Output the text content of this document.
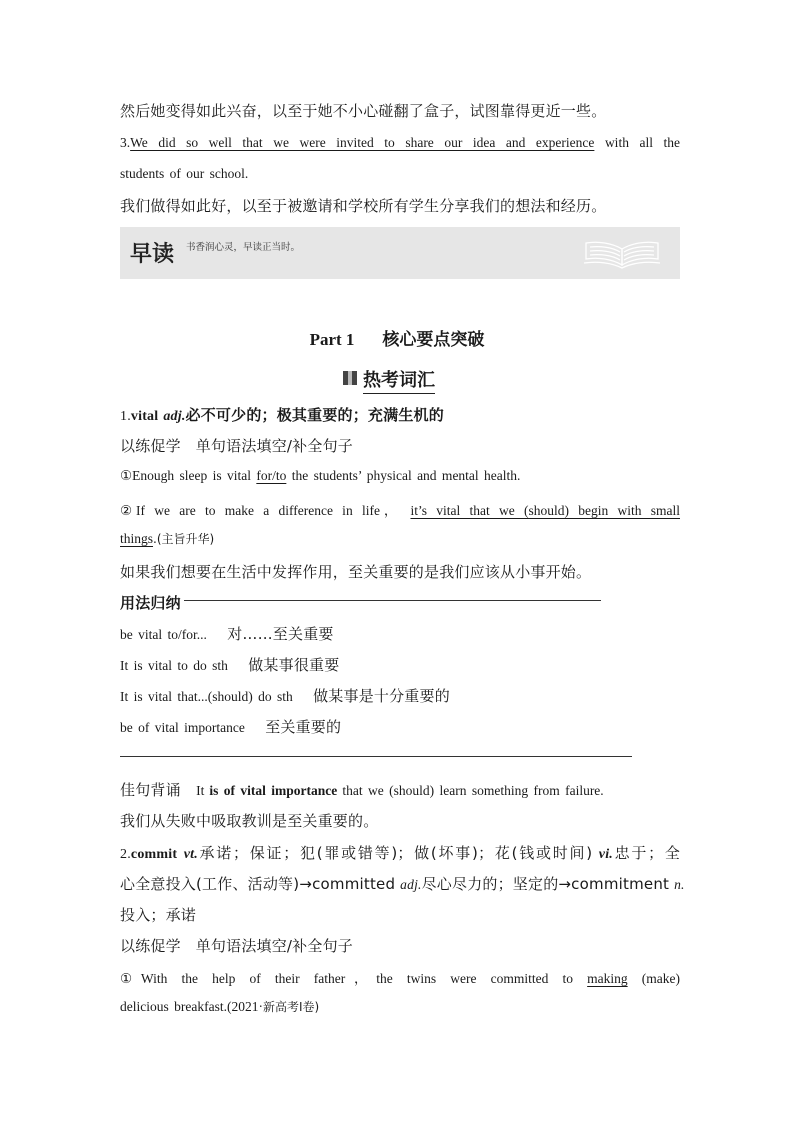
然后她变得如此兴奋，以至于她不小心碰翻了盒子，试图靠得更近一些。
3.We did so well that we were invited to share our idea and experience with all the
students of our school.
我们做得如此好，以至于被邀请和学校所有学生分享我们的想法和经历。
早读 书香润心灵，早读正当时。
Part 1 核心要点突破
热考词汇
1.vital adj.必不可少的；极其重要的；充满生机的
以练促学 单句语法填空/补全句子
①Enough sleep is vital for/to the students’ physical and mental health.
②If we are to make a difference in life， it’s vital that we (should) begin with small
things.(主旨升华)
如果我们想要在生活中发挥作用，至关重要的是我们应该从小事开始。
用法归纳
be vital to/for... 对……至关重要
It is vital to do sth 做某事很重要
It is vital that...(should) do sth 做某事是十分重要的
be of vital importance 至关重要的
佳句背诵 It is of vital importance that we (should) learn something from failure.
我们从失败中吸取教训是至关重要的。
2.commit vt.承诺；保证；犯(罪或错等)；做(坏事)；花(钱或时间) vi.忠于；全
心全意投入(工作、活动等)→committed adj.尽心尽力的；坚定的→commitment n.
投入；承诺
以练促学 单句语法填空/补全句子
①With the help of their father，the twins were committed to making (make)
delicious breakfast.(2021·新高考Ⅰ卷)
